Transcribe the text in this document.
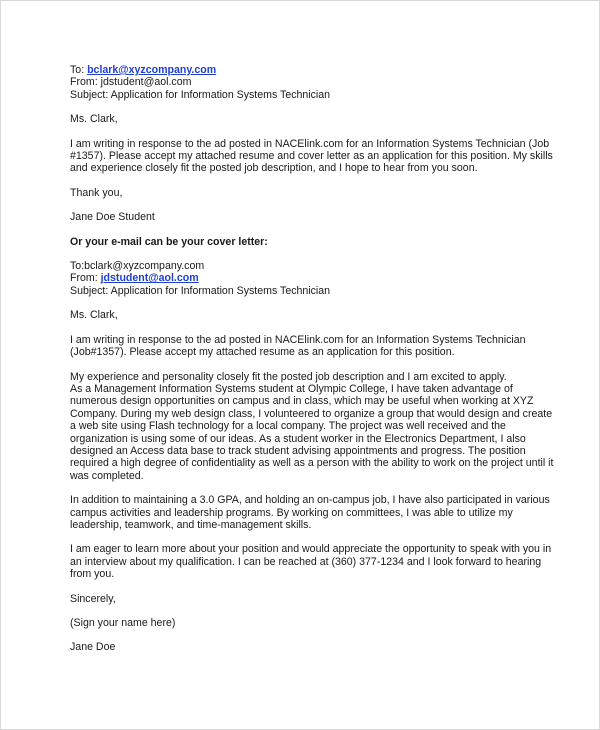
To: bclark@xyzcompany.com
From: jdstudent@aol.com
Subject: Application for Information Systems Technician

Ms. Clark,

I am writing in response to the ad posted in NACElink.com for an Information Systems Technician (Job
#1357). Please accept my attached resume and cover letter as an application for this position. My skills
and experience closely fit the posted job description, and I hope to hear from you soon.

Thank you,

Jane Doe Student

Or your e-mail can be your cover letter:

To:bclark@xyzcompany.com
From: jdstudent@aol.com
Subject: Application for Information Systems Technician

Ms. Clark,

I am writing in response to the ad posted in NACElink.com for an Information Systems Technician
(Job#1357). Please accept my attached resume as an application for this position.

My experience and personality closely fit the posted job description and I am excited to apply.
As a Management Information Systems student at Olympic College, I have taken advantage of
numerous design opportunities on campus and in class, which may be useful when working at XYZ
Company. During my web design class, I volunteered to organize a group that would design and create
a web site using Flash technology for a local company. The project was well received and the
organization is using some of our ideas. As a student worker in the Electronics Department, I also
designed an Access data base to track student advising appointments and progress. The position
required a high degree of confidentiality as well as a person with the ability to work on the project until it
was completed.

In addition to maintaining a 3.0 GPA, and holding an on-campus job, I have also participated in various
campus activities and leadership programs. By working on committees, I was able to utilize my
leadership, teamwork, and time-management skills.

I am eager to learn more about your position and would appreciate the opportunity to speak with you in
an interview about my qualification. I can be reached at (360) 377-1234 and I look forward to hearing
from you.

Sincerely,

(Sign your name here)

Jane Doe
